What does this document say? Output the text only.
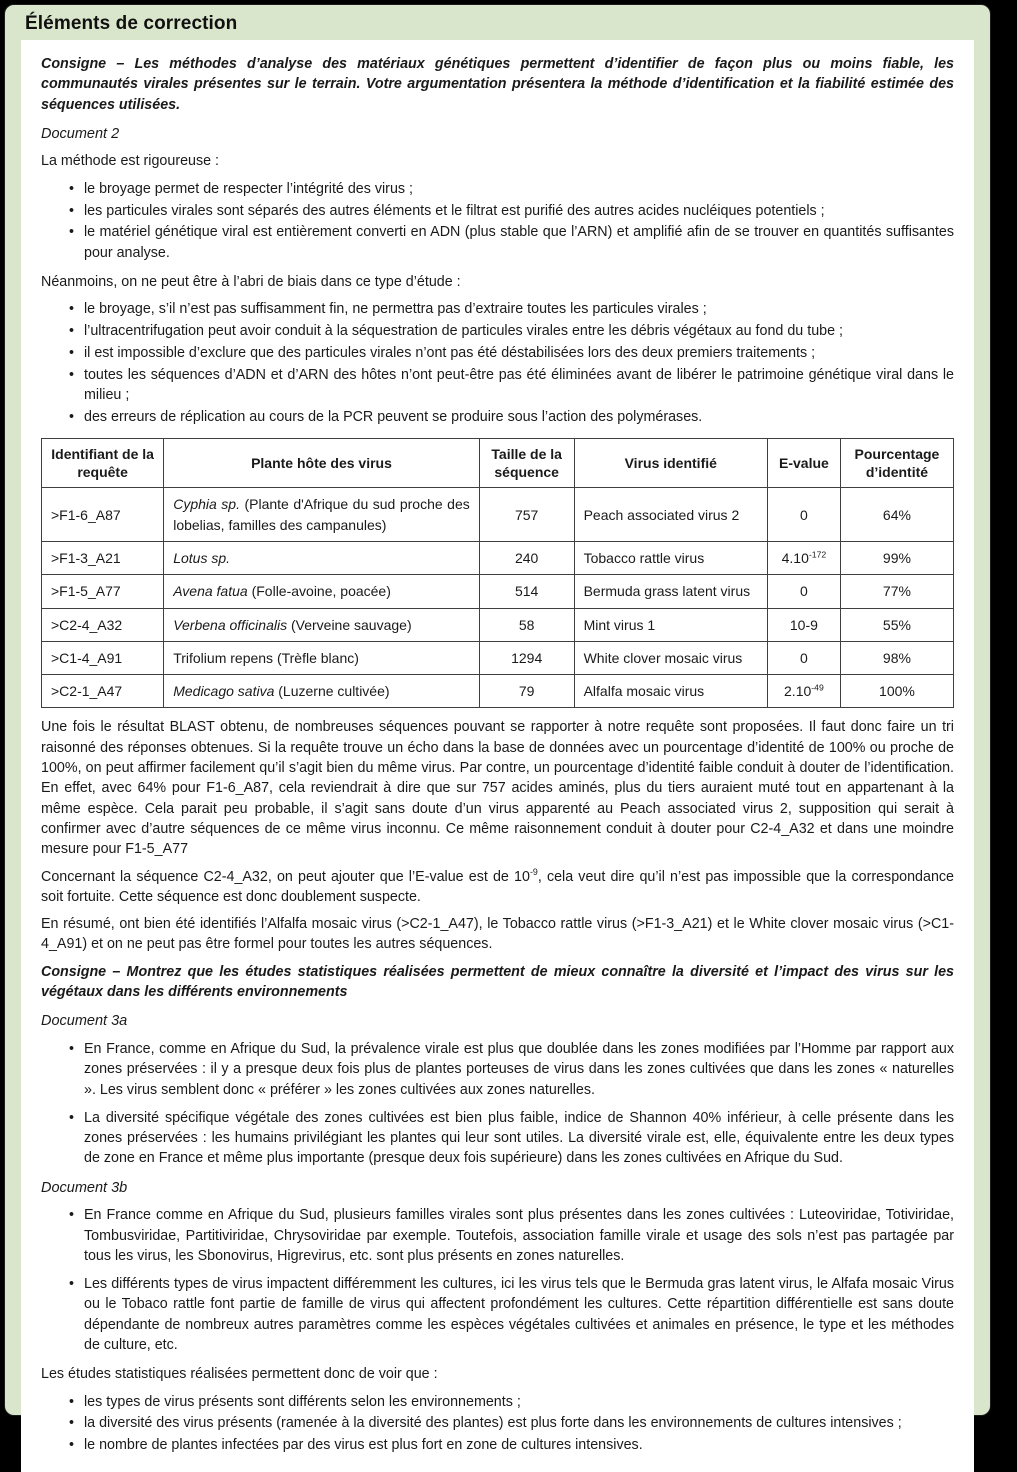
Éléments de correction

Consigne – Les méthodes d’analyse des matériaux génétiques permettent d’identifier de façon plus ou moins fiable, les communautés virales présentes sur le terrain. Votre argumentation présentera la méthode d’identification et la fiabilité estimée des séquences utilisées.

Document 2

La méthode est rigoureuse :

• le broyage permet de respecter l’intégrité des virus ;
• les particules virales sont séparés des autres éléments et le filtrat est purifié des autres acides nucléiques potentiels ;
• le matériel génétique viral est entièrement converti en ADN (plus stable que l’ARN) et amplifié afin de se trouver en quantités suffisantes pour analyse.

Néanmoins, on ne peut être à l’abri de biais dans ce type d’étude :

• le broyage, s’il n’est pas suffisamment fin, ne permettra pas d’extraire toutes les particules virales ;
• l’ultracentrifugation peut avoir conduit à la séquestration de particules virales entre les débris végétaux au fond du tube ;
• il est impossible d’exclure que des particules virales n’ont pas été déstabilisées lors des deux premiers traitements ;
• toutes les séquences d’ADN et d’ARN des hôtes n’ont peut-être pas été éliminées avant de libérer le patrimoine génétique viral dans le milieu ;
• des erreurs de réplication au cours de la PCR peuvent se produire sous l’action des polymérases.
Identifiant de la requête	Plante hôte des virus	Taille de la séquence	Virus identifié	E-value	Pourcentage d’identité
>F1-6_A87	Cyphia sp. (Plante d'Afrique du sud proche des lobelias, familles des campanules)	757	Peach associated virus 2	0	64%
>F1-3_A21	Lotus sp.	240	Tobacco rattle virus	$4.10^{-172}$	99%
>F1-5_A77	Avena fatua (Folle-avoine, poacée)	514	Bermuda grass latent virus	0	77%
>C2-4_A32	Verbena officinalis (Verveine sauvage)	58	Mint virus 1	10-9	55%
>C1-4_A91	Trifolium repens (Trèfle blanc)	1294	White clover mosaic virus	0	98%
>C2-1_A47	Medicago sativa (Luzerne cultivée)	79	Alfalfa mosaic virus	$2.10^{-49}$	100%

Une fois le résultat BLAST obtenu, de nombreuses séquences pouvant se rapporter à notre requête sont proposées. Il faut donc faire un tri raisonné des réponses obtenues. Si la requête trouve un écho dans la base de données avec un pourcentage d’identité de 100% ou proche de 100%, on peut affirmer facilement qu’il s’agit bien du même virus. Par contre, un pourcentage d’identité faible conduit à douter de l’identification. En effet, avec 64% pour F1-6_A87, cela reviendrait à dire que sur 757 acides aminés, plus du tiers auraient muté tout en appartenant à la même espèce. Cela parait peu probable, il s’agit sans doute d’un virus apparenté au Peach associated virus 2, supposition qui serait à confirmer avec d’autre séquences de ce même virus inconnu. Ce même raisonnement conduit à douter pour C2-4_A32 et dans une moindre mesure pour F1-5_A77

Concernant la séquence C2-4_A32, on peut ajouter que l’E-value est de $10^{-9}$, cela veut dire qu’il n’est pas impossible que la correspondance soit fortuite. Cette séquence est donc doublement suspecte.

En résumé, ont bien été identifiés l’Alfalfa mosaic virus (>C2-1_A47), le Tobacco rattle virus (>F1-3_A21) et le White clover mosaic virus (>C1-4_A91) et on ne peut pas être formel pour toutes les autres séquences.

Consigne – Montrez que les études statistiques réalisées permettent de mieux connaître la diversité et l’impact des virus sur les végétaux dans les différents environnements

Document 3a

• En France, comme en Afrique du Sud, la prévalence virale est plus que doublée dans les zones modifiées par l’Homme par rapport aux zones préservées : il y a presque deux fois plus de plantes porteuses de virus dans les zones cultivées que dans les zones « naturelles ». Les virus semblent donc « préférer » les zones cultivées aux zones naturelles.
• La diversité spécifique végétale des zones cultivées est bien plus faible, indice de Shannon 40% inférieur, à celle présente dans les zones préservées : les humains privilégiant les plantes qui leur sont utiles. La diversité virale est, elle, équivalente entre les deux types de zone en France et même plus importante (presque deux fois supérieure) dans les zones cultivées en Afrique du Sud.

Document 3b

• En France comme en Afrique du Sud, plusieurs familles virales sont plus présentes dans les zones cultivées : Luteoviridae, Totiviridae, Tombusviridae, Partitiviridae, Chrysoviridae par exemple. Toutefois, association famille virale et usage des sols n’est pas partagée par tous les virus, les Sbonovirus, Higrevirus, etc. sont plus présents en zones naturelles.
• Les différents types de virus impactent différemment les cultures, ici les virus tels que le Bermuda gras latent virus, le Alfafa mosaic Virus ou le Tobaco rattle font partie de famille de virus qui affectent profondément les cultures. Cette répartition différentielle est sans doute dépendante de nombreux autres paramètres comme les espèces végétales cultivées et animales en présence, le type et les méthodes de culture, etc.

Les études statistiques réalisées permettent donc de voir que :

• les types de virus présents sont différents selon les environnements ;
• la diversité des virus présents (ramenée à la diversité des plantes) est plus forte dans les environnements de cultures intensives ;
• le nombre de plantes infectées par des virus est plus fort en zone de cultures intensives.
